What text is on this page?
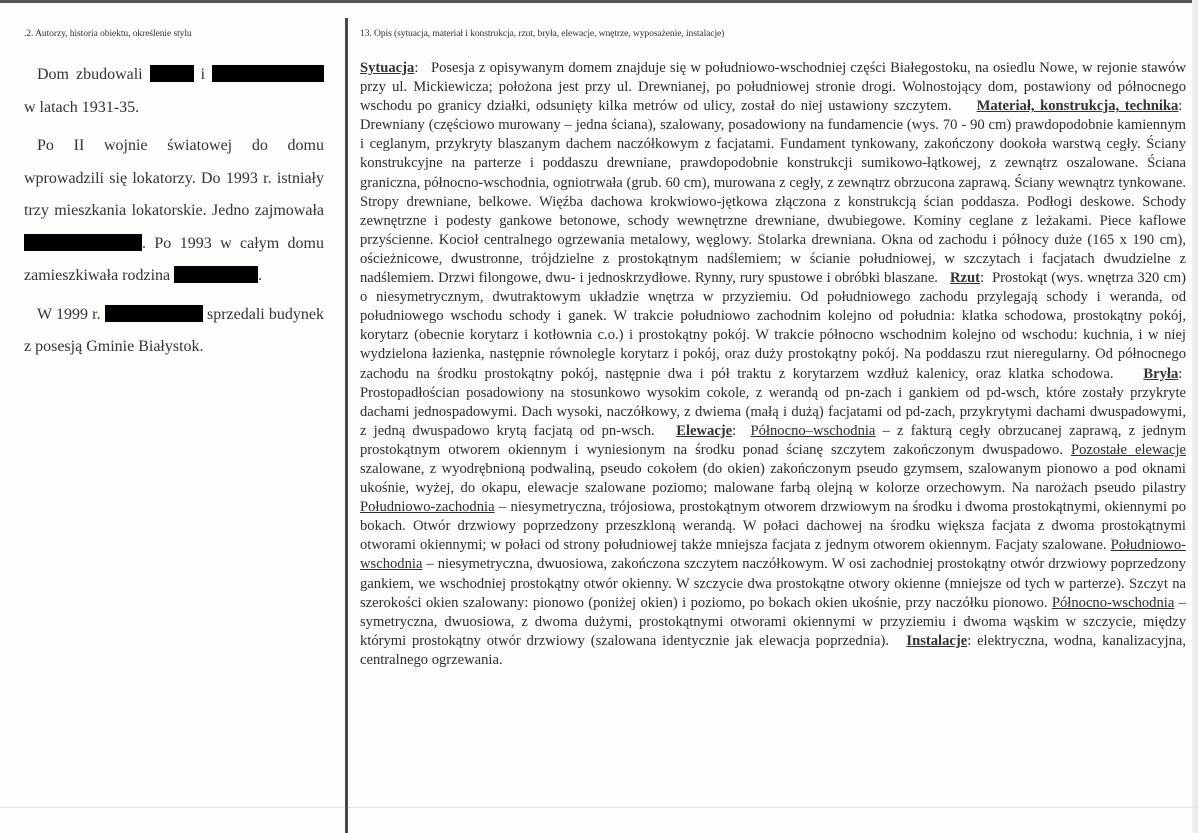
.2. Autorzy, historia obiektu, określenie stylu

Dom zbudowali	i  w latach 1931-35.

Po II wojnie światowej do domu wprowadzili się lokatorzy. Do 1993 r. istniały trzy mieszkania lokatorskie. Jedno zajmowała . Po 1993 w całym domu zamieszkiwała rodzina	.

W 1999 r.	sprzedali budynek z posesją Gminie Białystok.

13. Opis (sytuacja, materiał i konstrukcja, rzut, bryła, elewacje, wnętrze, wyposażenie, instalacje)
Sytuacja:   Posesja z opisywanym domem znajduje się w południowo-wschodniej części Białegostoku, na osiedlu Nowe, w rejonie stawów przy ul. Mickiewicza; położona jest przy ul. Drewnianej, po południowej stronie drogi. Wolnostojący dom, postawiony od północnego wschodu po granicy działki, odsunięty kilka metrów od ulicy, został do niej ustawiony szczytem. Materiał, konstrukcja, technika:  Drewniany (częściowo murowany – jedna ściana), szalowany, posadowiony na fundamencie (wys. 70 - 90 cm) prawdopodobnie kamiennym i ceglanym, przykryty blaszanym dachem naczółkowym z facjatami. Fundament tynkowany, zakończony dookoła warstwą cegły. Ściany konstrukcyjne na parterze i poddaszu drewniane, prawdopodobnie konstrukcji sumikowo-łątkowej, z zewnątrz oszalowane. Ściana graniczna, północno-wschodnia, ogniotrwała (grub. 60 cm), murowana z cegły, z zewnątrz obrzucona zaprawą. Ściany wewnątrz tynkowane. Stropy drewniane, belkowe. Więźba dachowa krokwiowo-jętkowa złączona z konstrukcją ścian poddasza. Podłogi deskowe. Schody zewnętrzne i podesty gankowe betonowe, schody wewnętrzne drewniane, dwubiegowe. Kominy ceglane z leżakami. Piece kaflowe przyścienne. Kocioł centralnego ogrzewania metalowy, węglowy. Stolarka drewniana. Okna od zachodu i północy duże (165 x 190 cm), ościeżnicowe, dwustronne, trójdzielne z prostokątnym nadślemiem; w ścianie południowej, w szczytach i facjatach dwudzielne z nadślemiem. Drzwi filongowe, dwu- i jednoskrzydłowe. Rynny, rury spustowe i obróbki blaszane. Rzut:  Prostokąt (wys. wnętrza 320 cm) o niesymetrycznym, dwutraktowym układzie wnętrza w przyziemiu. Od południowego zachodu przylegają schody i weranda, od południowego wschodu schody i ganek. W trakcie południowo zachodnim kolejno od południa: klatka schodowa, prostokątny pokój, korytarz (obecnie korytarz i kotłownia c.o.) i prostokątny pokój. W trakcie północno wschodnim kolejno od wschodu: kuchnia, i w niej wydzielona łazienka, następnie równolegle korytarz i pokój, oraz duży prostokątny pokój. Na poddaszu rzut nieregularny. Od północnego zachodu na środku prostokątny pokój, następnie dwa i pół traktu z korytarzem wzdłuż kalenicy, oraz klatka schodowa. Bryła:  Prostopadłościan posadowiony na stosunkowo wysokim cokole, z werandą od pn-zach i gankiem od pd-wsch, które zostały przykryte dachami jednospadowymi. Dach wysoki, naczółkowy, z dwiema (małą i dużą) facjatami od pd-zach, przykrytymi dachami dwuspadowymi, z jedną dwuspadowo krytą facjatą od pn-wsch. Elewacje:  Północno–wschodnia – z fakturą cegły obrzucanej zaprawą, z jednym prostokątnym otworem okiennym i wyniesionym na środku ponad ścianę szczytem zakończonym dwuspadowo. Pozostałe elewacje szalowane, z wyodrębnioną podwaliną, pseudo cokołem (do okien) zakończonym pseudo gzymsem, szalowanym pionowo a pod oknami ukośnie, wyżej, do okapu, elewacje szalowane poziomo; malowane farbą olejną w kolorze orzechowym. Na narożach pseudo pilastry Południowo-zachodnia – niesymetryczna, trójosiowa, prostokątnym otworem drzwiowym na środku i dwoma prostokątnymi, okiennymi po bokach. Otwór drzwiowy poprzedzony przeszkloną werandą. W połaci dachowej na środku większa facjata z dwoma prostokątnymi otworami okiennymi; w połaci od strony południowej także mniejsza facjata z jednym otworem okiennym. Facjaty szalowane. Południowo-wschodnia – niesymetryczna, dwuosiowa, zakończona szczytem naczółkowym. W osi zachodniej prostokątny otwór drzwiowy poprzedzony gankiem, we wschodniej prostokątny otwór okienny. W szczycie dwa prostokątne otwory okienne (mniejsze od tych w parterze). Szczyt na szerokości okien szalowany: pionowo (poniżej okien) i poziomo, po bokach okien ukośnie, przy naczółku pionowo. Północno-wschodnia – symetryczna, dwuosiowa, z dwoma dużymi, prostokątnymi otworami okiennymi w przyziemiu i dwoma wąskim w szczycie, między którymi prostokątny otwór drzwiowy (szalowana identycznie jak elewacja poprzednia). Instalacje: elektryczna, wodna, kanalizacyjna, centralnego ogrzewania.
